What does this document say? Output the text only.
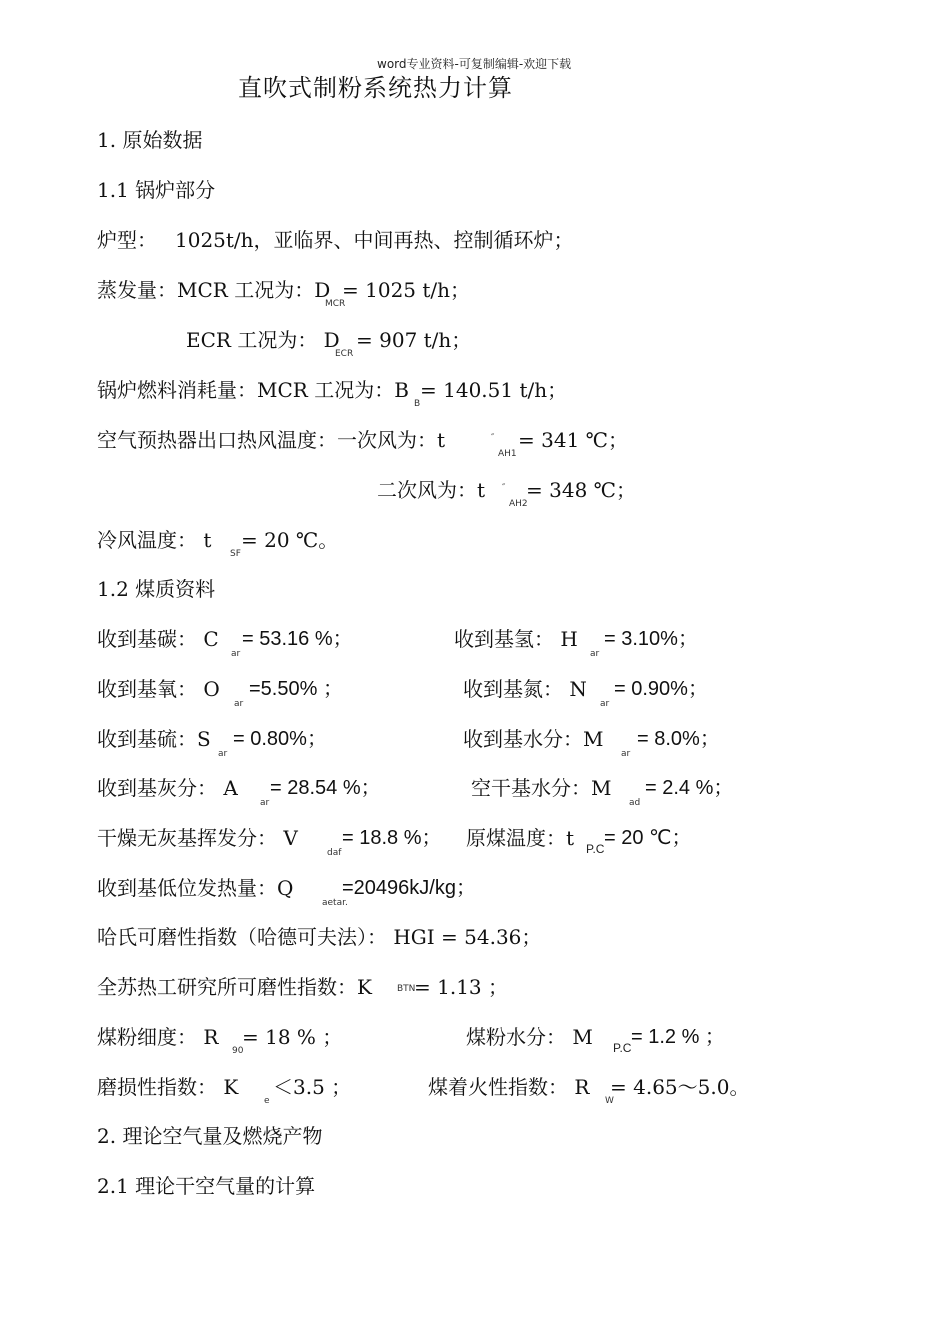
word专业资料-可复制编辑-欢迎下载
直吹式制粉系统热力计算
1. 原始数据
1.1 锅炉部分
炉型： 1025t/h，亚临界、中间再热、控制循环炉；
蒸发量：MCR 工况为：D
MCR
= 1025 t/h；
ECR 工况为： D
ECR
= 907 t/h；
锅炉燃料消耗量：MCR 工况为：B
B
= 140.51 t/h；
空气预热器出口热风温度：一次风为：t	″
AH1
= 341 ℃；
二次风为：t ″
AH2
= 348 ℃；
冷风温度： t
SF
= 20 ℃。
1.2 煤质资料
收到基碳： C
ar
= 53.16 %；	收到基氢： H
ar
= 3.10%；
收到基氧： O
ar
=5.50% ；	收到基氮： N
ar
= 0.90%；
收到基硫：S
ar
= 0.80%；	收到基水分：M
ar
= 8.0%；
收到基灰分： A
ar
= 28.54 %；	空干基水分：M
ad
= 2.4 %；
干燥无灰基挥发分： V
daf
= 18.8 %； 原煤温度：t P.C = 20 ℃；
收到基低位发热量：Q
aetar.
=20496kJ/kg；
哈氏可磨性指数（哈德可夫法）： HGI = 54.36；
全苏热工研究所可磨性指数：K	BTN
= 1.13 ；
煤粉细度： R
90
= 18 % ；	煤粉水分： M P.C = 1.2 % ；
磨损性指数： K
e
＜3.5 ；	煤着火性指数： R
W
= 4.65～5.0。
2. 理论空气量及燃烧产物
2.1 理论干空气量的计算
